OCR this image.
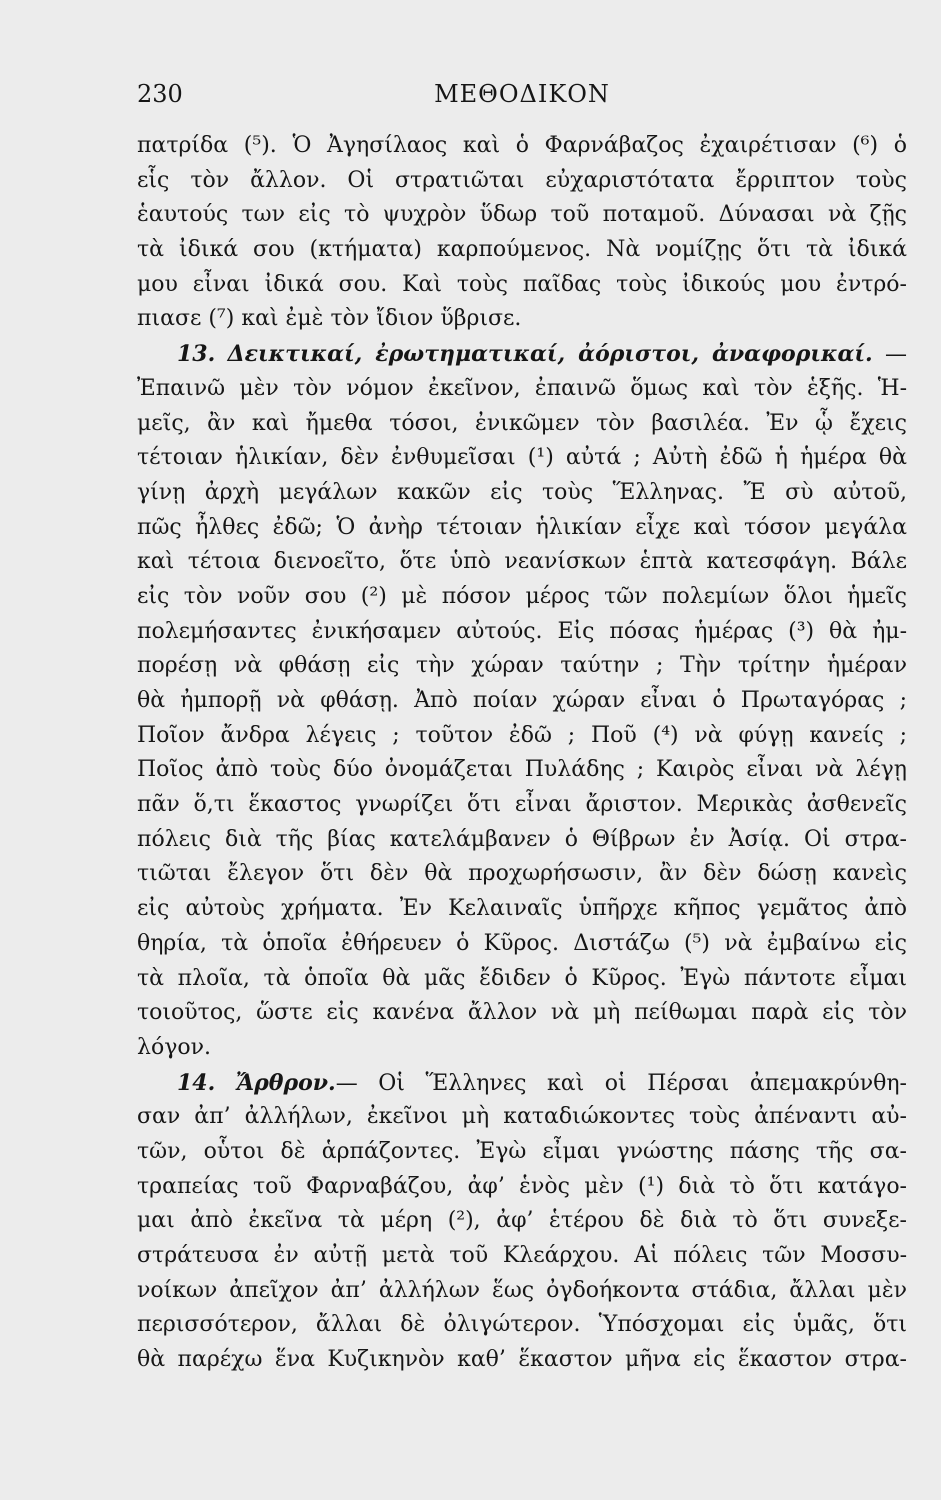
230	ΜΕΘΟΔΙΚΟΝ
πατρίδα (⁵). Ὁ Ἀγησίλαος καὶ ὁ Φαρνάβαζος ἐχαιρέτισαν (⁶) ὁ
εἷς τὸν ἄλλον. Οἱ στρατιῶται εὐχαριστότατα ἔρριπτον τοὺς
ἑαυτούς των εἰς τὸ ψυχρὸν ὕδωρ τοῦ ποταμοῦ. Δύνασαι νὰ ζῇς
τὰ ἰδικά σου (κτήματα) καρπούμενος. Νὰ νομίζῃς ὅτι τὰ ἰδικά
μου εἶναι ἰδικά σου. Καὶ τοὺς παῖδας τοὺς ἰδικούς μου ἐντρό-
πιασε (⁷) καὶ ἐμὲ τὸν ἴδιον ὕβρισε.
13. Δεικτικαί, ἐρωτηματικαί, ἀόριστοι, ἀναφορικαί. —
Ἐπαινῶ μὲν τὸν νόμον ἐκεῖνον, ἐπαινῶ ὅμως καὶ τὸν ἑξῆς. Ἡ-
μεῖς, ἂν καὶ ἤμεθα τόσοι, ἐνικῶμεν τὸν βασιλέα. Ἐν ᾧ ἔχεις
τέτοιαν ἡλικίαν, δὲν ἐνθυμεῖσαι (¹) αὐτά ; Αὐτὴ ἐδῶ ἡ ἡμέρα θὰ
γίνῃ ἀρχὴ μεγάλων κακῶν εἰς τοὺς Ἕλληνας. Ἔ σὺ αὐτοῦ,
πῶς ἦλθες ἐδῶ; Ὁ ἀνὴρ τέτοιαν ἡλικίαν εἶχε καὶ τόσον μεγάλα
καὶ τέτοια διενοεῖτο, ὅτε ὑπὸ νεανίσκων ἑπτὰ κατεσφάγη. Βάλε
εἰς τὸν νοῦν σου (²) μὲ πόσον μέρος τῶν πολεμίων ὅλοι ἡμεῖς
πολεμήσαντες ἐνικήσαμεν αὐτούς. Εἰς πόσας ἡμέρας (³) θὰ ἠμ-
πορέσῃ νὰ φθάσῃ εἰς τὴν χώραν ταύτην ; Τὴν τρίτην ἡμέραν
θὰ ἠμπορῇ νὰ φθάσῃ. Ἀπὸ ποίαν χώραν εἶναι ὁ Πρωταγόρας ;
Ποῖον ἄνδρα λέγεις ; τοῦτον ἐδῶ ; Ποῦ (⁴) νὰ φύγῃ κανείς ;
Ποῖος ἀπὸ τοὺς δύο ὀνομάζεται Πυλάδης ; Καιρὸς εἶναι νὰ λέγῃ
πᾶν ὅ,τι ἕκαστος γνωρίζει ὅτι εἶναι ἄριστον. Μερικὰς ἀσθενεῖς
πόλεις διὰ τῆς βίας κατελάμβανεν ὁ Θίβρων ἐν Ἀσίᾳ. Οἱ στρα-
τιῶται ἔλεγον ὅτι δὲν θὰ προχωρήσωσιν, ἂν δὲν δώσῃ κανεὶς
εἰς αὐτοὺς χρήματα. Ἐν Κελαιναῖς ὑπῆρχε κῆπος γεμᾶτος ἀπὸ
θηρία, τὰ ὁποῖα ἐθήρευεν ὁ Κῦρος. Διστάζω (⁵) νὰ ἐμβαίνω εἰς
τὰ πλοῖα, τὰ ὁποῖα θὰ μᾶς ἔδιδεν ὁ Κῦρος. Ἐγὼ πάντοτε εἶμαι
τοιοῦτος, ὥστε εἰς κανένα ἄλλον νὰ μὴ πείθωμαι παρὰ εἰς τὸν
λόγον.
14. Ἄρθρον.— Οἱ Ἕλληνες καὶ οἱ Πέρσαι ἀπεμακρύνθη-
σαν ἀπ’ ἀλλήλων, ἐκεῖνοι μὴ καταδιώκοντες τοὺς ἀπέναντι αὐ-
τῶν, οὗτοι δὲ ἁρπάζοντες. Ἐγὼ εἶμαι γνώστης πάσης τῆς σα-
τραπείας τοῦ Φαρναβάζου, ἀφ’ ἑνὸς μὲν (¹) διὰ τὸ ὅτι κατάγο-
μαι ἀπὸ ἐκεῖνα τὰ μέρη (²), ἀφ’ ἑτέρου δὲ διὰ τὸ ὅτι συνεξε-
στράτευσα ἐν αὐτῇ μετὰ τοῦ Κλεάρχου. Αἱ πόλεις τῶν Μοσσυ-
νοίκων ἀπεῖχον ἀπ’ ἀλλήλων ἕως ὀγδοήκοντα στάδια, ἄλλαι μὲν
περισσότερον, ἄλλαι δὲ ὀλιγώτερον. Ὑπόσχομαι εἰς ὑμᾶς, ὅτι
θὰ παρέχω ἕνα Κυζικηνὸν καθ’ ἕκαστον μῆνα εἰς ἕκαστον στρα-
